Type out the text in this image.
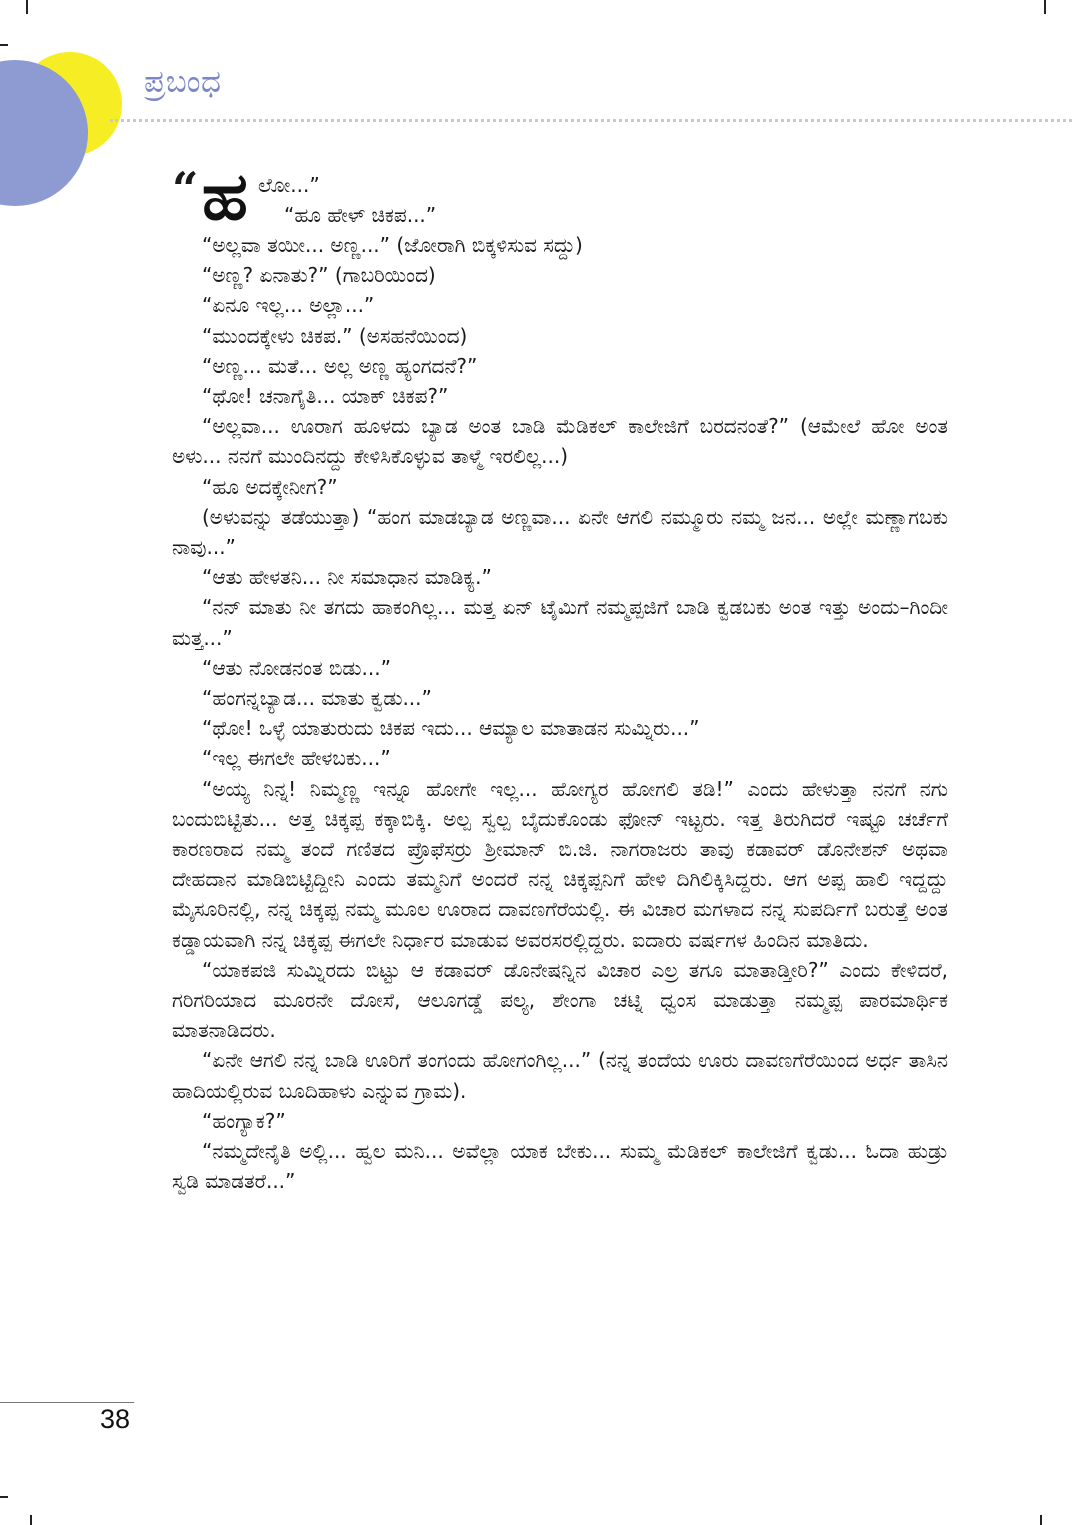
ಪ್ರಬಂಧ
“ ಹ ಲೋ...”
“ಹೂ ಹೇಳ್ ಚಿಕಪ...”

“ಅಲ್ಲವಾ ತಯೀ... ಅಣ್ಣ...” (ಜೋರಾಗಿ ಬಿಕ್ಕಳಿಸುವ ಸದ್ದು)

“ಅಣ್ಣ? ಏನಾತು?” (ಗಾಬರಿಯಿಂದ)

“ಏನೂ ಇಲ್ಲ... ಅಲ್ಲಾ...”

“ಮುಂದಕ್ಕೇಳು ಚಿಕಪ.” (ಅಸಹನೆಯಿಂದ)

“ಅಣ್ಣ... ಮತೆ... ಅಲ್ಲ ಅಣ್ಣ ಹ್ಯಂಗದನೆ?”

“ಥೋ! ಚನಾಗೈತಿ... ಯಾಕ್ ಚಿಕಪ?”

“ಅಲ್ಲವಾ... ಊರಾಗ ಹೂಳದು ಬ್ಯಾಡ ಅಂತ ಬಾಡಿ ಮೆಡಿಕಲ್ ಕಾಲೇಜಿಗೆ ಬರದನಂತೆ?” (ಆಮೇಲೆ ಹೋ ಅಂತ ಅಳು... ನನಗೆ ಮುಂದಿನದ್ದು ಕೇಳಿಸಿಕೊಳ್ಳುವ ತಾಳ್ಮೆ ಇರಲಿಲ್ಲ...)

“ಹೂ ಅದಕ್ಕೇನೀಗ?”

(ಅಳುವನ್ನು ತಡೆಯುತ್ತಾ) “ಹಂಗ ಮಾಡಬ್ಯಾಡ ಅಣ್ಣವಾ... ಏನೇ ಆಗಲಿ ನಮ್ಮೂರು ನಮ್ಮ ಜನ... ಅಲ್ಲೇ ಮಣ್ಣಾಗಬಕು ನಾವು...”

“ಆತು ಹೇಳತನಿ... ನೀ ಸಮಾಧಾನ ಮಾಡಿಕ್ಯ.”

“ನನ್ ಮಾತು ನೀ ತಗದು ಹಾಕಂಗಿಲ್ಲ... ಮತ್ತ ಏನ್ ಟೈಮಿಗೆ ನಮ್ಮಪ್ಪಜಿಗೆ ಬಾಡಿ ಕ್ವಡಬಕು ಅಂತ ಇತ್ತು ಅಂದು–ಗಿಂದೀ ಮತ್ತ...”

“ಆತು ನೋಡನಂತ ಬಿಡು...”

“ಹಂಗನ್ನಬ್ಯಾಡ... ಮಾತು ಕ್ವಡು...”

“ಥೋ! ಒಳ್ಳೆ ಯಾತುರುದು ಚಿಕಪ ಇದು... ಆಮ್ಯಾಲ ಮಾತಾಡನ ಸುಮ್ನಿರು...”

“ಇಲ್ಲ ಈಗಲೇ ಹೇಳಬಕು...”

“ಅಯ್ಯ ನಿನ್ನ! ನಿಮ್ಮಣ್ಣ ಇನ್ನೂ ಹೋಗೇ ಇಲ್ಲ... ಹೋಗ್ಯರ ಹೋಗಲಿ ತಡಿ!” ಎಂದು ಹೇಳುತ್ತಾ ನನಗೆ ನಗು ಬಂದುಬಿಟ್ಟಿತು... ಅತ್ತ ಚಿಕ್ಕಪ್ಪ ಕಕ್ಕಾಬಿಕ್ಕಿ. ಅಲ್ಪ ಸ್ವಲ್ಪ ಬೈದುಕೊಂಡು ಫೋನ್ ಇಟ್ಟರು. ಇತ್ತ ತಿರುಗಿದರೆ ಇಷ್ಟೂ ಚರ್ಚೆಗೆ ಕಾರಣರಾದ ನಮ್ಮ ತಂದೆ ಗಣಿತದ ಪ್ರೊಫೆಸರ್‍ರು ಶ್ರೀಮಾನ್ ಬಿ.ಜಿ. ನಾಗರಾಜರು ತಾವು ಕಡಾವರ್ ಡೊನೇಶನ್ ಅಥವಾ ದೇಹದಾನ ಮಾಡಿಬಿಟ್ಟಿದ್ದೀನಿ ಎಂದು ತಮ್ಮನಿಗೆ ಅಂದರೆ ನನ್ನ ಚಿಕ್ಕಪ್ಪನಿಗೆ ಹೇಳಿ ದಿಗಿಲಿಕ್ಕಿಸಿದ್ದರು. ಆಗ ಅಪ್ಪ ಹಾಲಿ ಇದ್ದದ್ದು ಮೈಸೂರಿನಲ್ಲಿ, ನನ್ನ ಚಿಕ್ಕಪ್ಪ ನಮ್ಮ ಮೂಲ ಊರಾದ ದಾವಣಗೆರೆಯಲ್ಲಿ. ಈ ವಿಚಾರ ಮಗಳಾದ ನನ್ನ ಸುಪರ್ದಿಗೆ ಬರುತ್ತೆ ಅಂತ ಕಡ್ಡಾಯವಾಗಿ ನನ್ನ ಚಿಕ್ಕಪ್ಪ ಈಗಲೇ ನಿರ್ಧಾರ ಮಾಡುವ ಅವರಸರಲ್ಲಿದ್ದರು. ಐದಾರು ವರ್ಷಗಳ ಹಿಂದಿನ ಮಾತಿದು.

“ಯಾಕಪಜಿ ಸುಮ್ನಿರದು ಬಿಟ್ಟು ಆ ಕಡಾವರ್ ಡೊನೇಷನ್ನಿನ ವಿಚಾರ ಎಲ್ರ ತಗೂ ಮಾತಾಡ್ತೀರಿ?” ಎಂದು ಕೇಳಿದರೆ, ಗರಿಗರಿಯಾದ ಮೂರನೇ ದೋಸೆ, ಆಲೂಗಡ್ಡೆ ಪಲ್ಯ, ಶೇಂಗಾ ಚಟ್ನಿ ಧ್ವಂಸ ಮಾಡುತ್ತಾ ನಮ್ಮಪ್ಪ ಪಾರಮಾರ್ಥಿಕ ಮಾತನಾಡಿದರು.

“ಏನೇ ಆಗಲಿ ನನ್ನ ಬಾಡಿ ಊರಿಗೆ ತಂಗಂದು ಹೋಗಂಗಿಲ್ಲ...” (ನನ್ನ ತಂದೆಯ ಊರು ದಾವಣಗೆರೆಯಿಂದ ಅರ್ಧ ತಾಸಿನ ಹಾದಿಯಲ್ಲಿರುವ ಬೂದಿಹಾಳು ಎನ್ನುವ ಗ್ರಾಮ).

“ಹಂಗ್ಯಾಕ?”

“ನಮ್ಮದೇನೈತಿ ಅಲ್ಲಿ... ಹ್ವಲ ಮನಿ... ಅವೆಲ್ಲಾ ಯಾಕ ಬೇಕು... ಸುಮ್ಮ ಮೆಡಿಕಲ್ ಕಾಲೇಜಿಗೆ ಕ್ವಡು... ಓದಾ ಹುಡ್ರು ಸ್ವಡಿ ಮಾಡತರೆ...”

38
